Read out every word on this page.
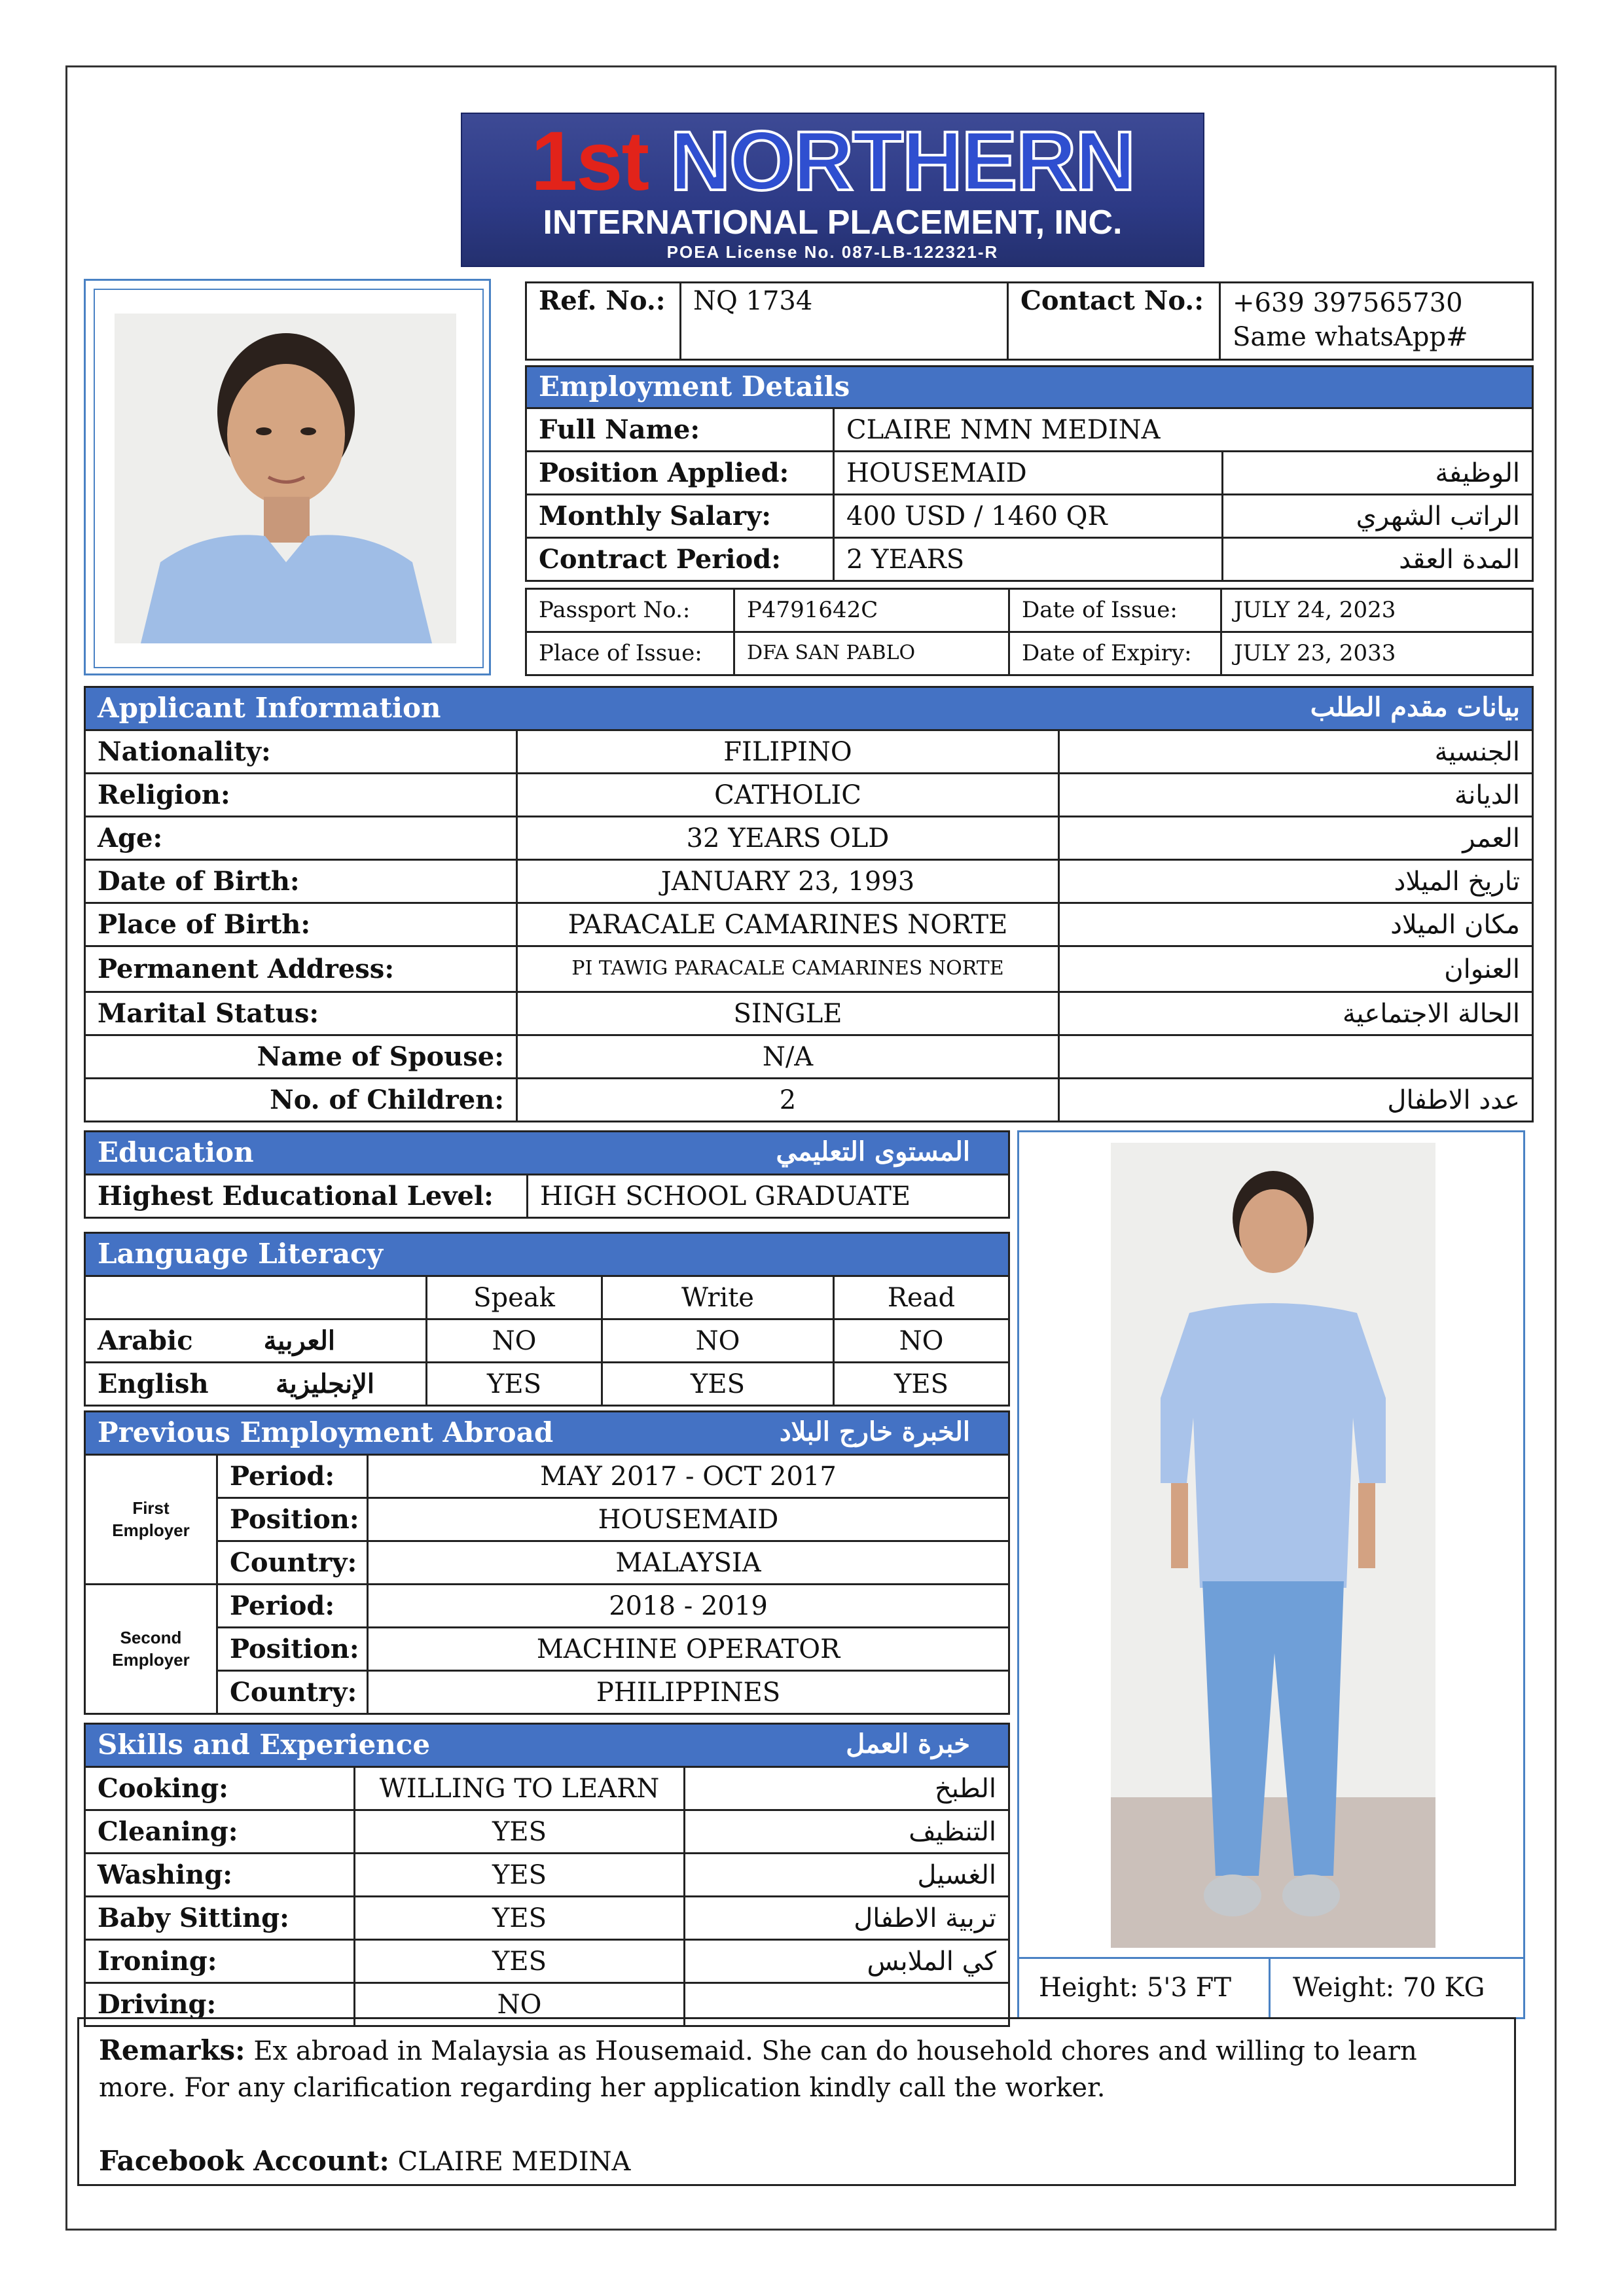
1st NORTHERN
INTERNATIONAL PLACEMENT, INC.
POEA License No. 087-LB-122321-R
Ref. No.:	NQ 1734	Contact No.:	+639 397565730
Same whatsApp#
Employment Details		
Full Name:	CLAIRE NMN MEDINA	
Position Applied:	HOUSEMAID	الوظيفة
Monthly Salary:	400 USD / 1460 QR	الراتب الشهري
Contract Period:	2 YEARS	المدة العقد
Passport No.:	P4791642C	Date of Issue:	JULY 24, 2023
Place of Issue:	DFA SAN PABLO	Date of Expiry:	JULY 23, 2033
Applicant Information بيانات مقدم الطلب		

Nationality:	FILIPINO	الجنسية
Religion:	CATHOLIC	الديانة
Age:	32 YEARS OLD	العمر
Date of Birth:	JANUARY 23, 1993	تاريخ الميلاد
Place of Birth:	PARACALE CAMARINES NORTE	مكان الميلاد
Permanent Address:	PI TAWIG PARACALE CAMARINES NORTE	العنوان
Marital Status:	SINGLE	الحالة الاجتماعية
Name of Spouse:	N/A	
No. of Children:	2	عدد الاطفال
Education	المستوى التعليمي

Highest Educational Level:	HIGH SCHOOL GRADUATE
Language Literacy			
	Speak	Write	Read
Arabic العربية	NO	NO	NO
English الإنجليزية	YES	YES	YES
Previous Employment Abroad الخبرة خارج البلاد		

First Employer	Period:	MAY 2017 - OCT 2017
	Position:	HOUSEMAID
	Country:	MALAYSIA
Second Employer	Period:	2018 - 2019
	Position:	MACHINE OPERATOR
	Country:	PHILIPPINES
Skills and Experience خبرة العمل		

Cooking:	WILLING TO LEARN	الطبخ
Cleaning:	YES	التنظيف
Washing:	YES	الغسيل
Baby Sitting:	YES	تربية الاطفال
Ironing:	YES	كي الملابس
Driving:	NO	
Height: 5'3 FT	Weight: 70 KG
Remarks: Ex abroad in Malaysia as Housemaid. She can do household chores and willing to learn more. For any clarification regarding her application kindly call the worker.
Facebook Account: CLAIRE MEDINA
